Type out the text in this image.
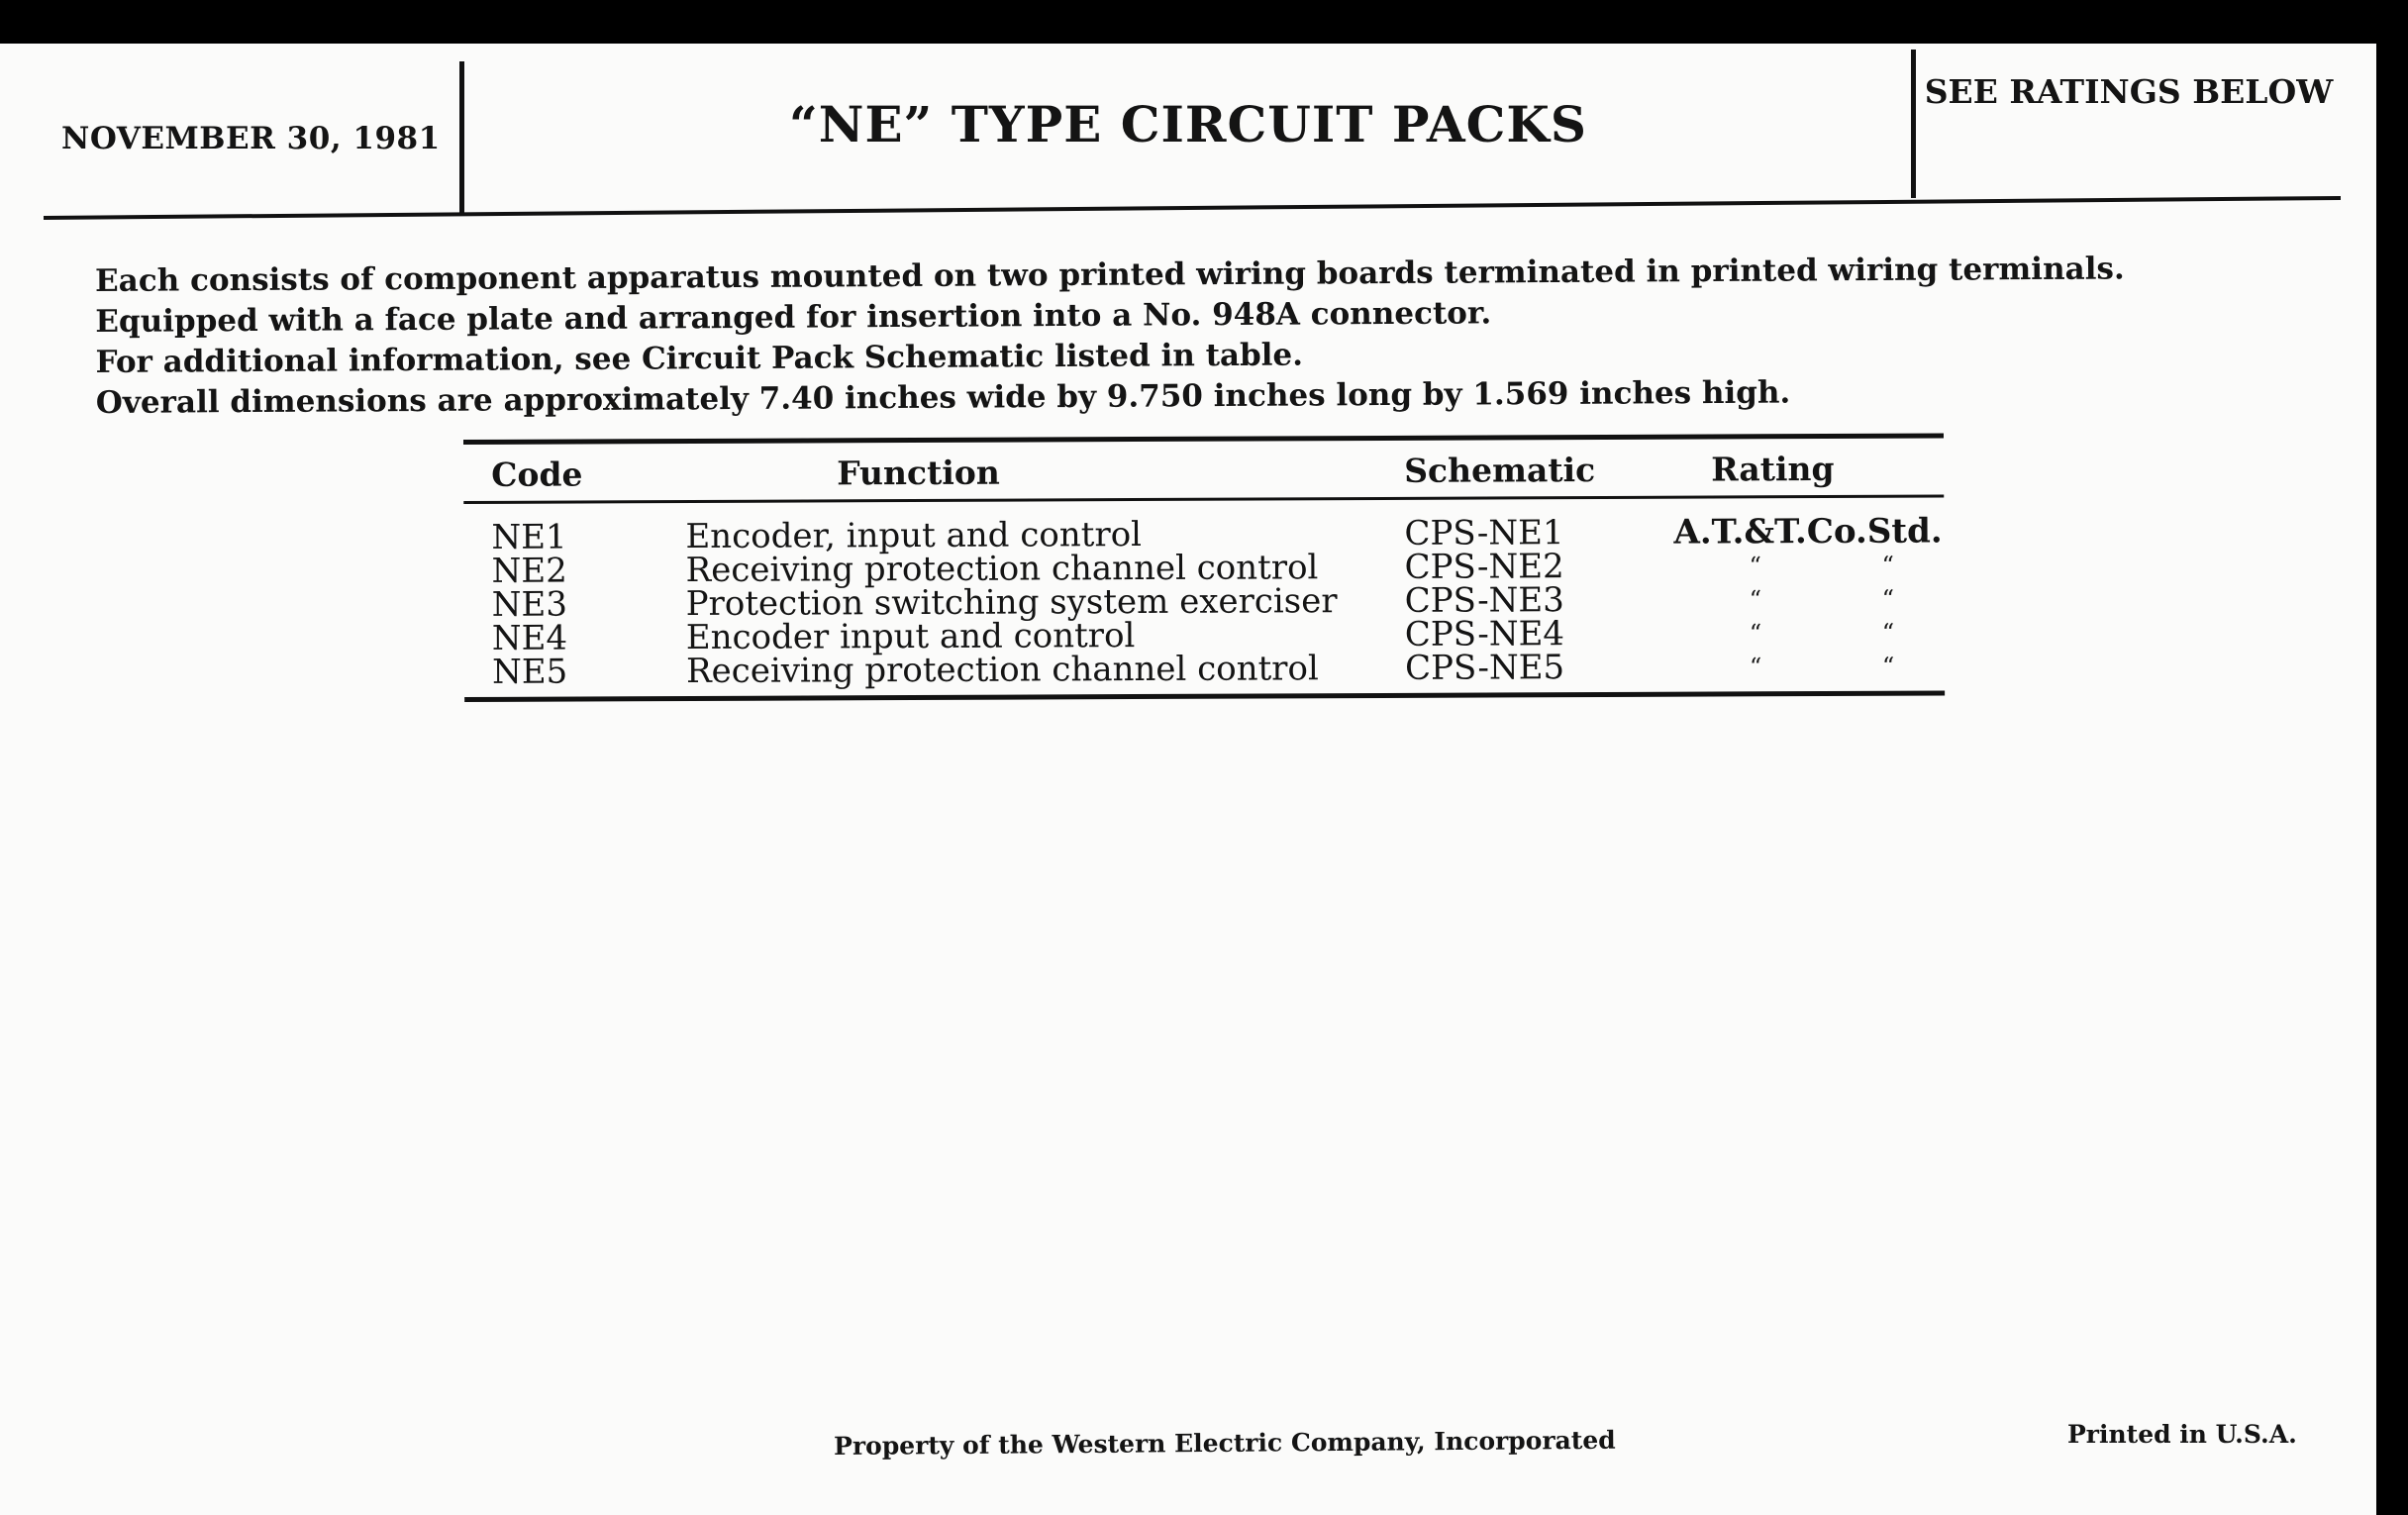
NOVEMBER 30, 1981	“NE” TYPE CIRCUIT PACKS
SEE RATINGS BELOW
Each consists of component apparatus mounted on two printed wiring boards terminated in printed wiring terminals.
Equipped with a face plate and arranged for insertion into a No. 948A connector.
For additional information, see Circuit Pack Schematic listed in table.
Overall dimensions are approximately 7.40 inches wide by 9.750 inches long by 1.569 inches high.
Code	Function	Schematic	Rating
NE1	Encoder, input and control	CPS-NE1	A.T.&T.Co.Std.
NE2	Receiving protection channel control	CPS-NE2	“	“
NE3	Protection switching system exerciser CPS-NE3	“	“
NE4	Encoder input and control	CPS-NE4	“	“
NE5	Receiving protection channel control	CPS-NE5	“	“
Property of the Western Electric Company, Incorporated	Printed in U.S.A.
